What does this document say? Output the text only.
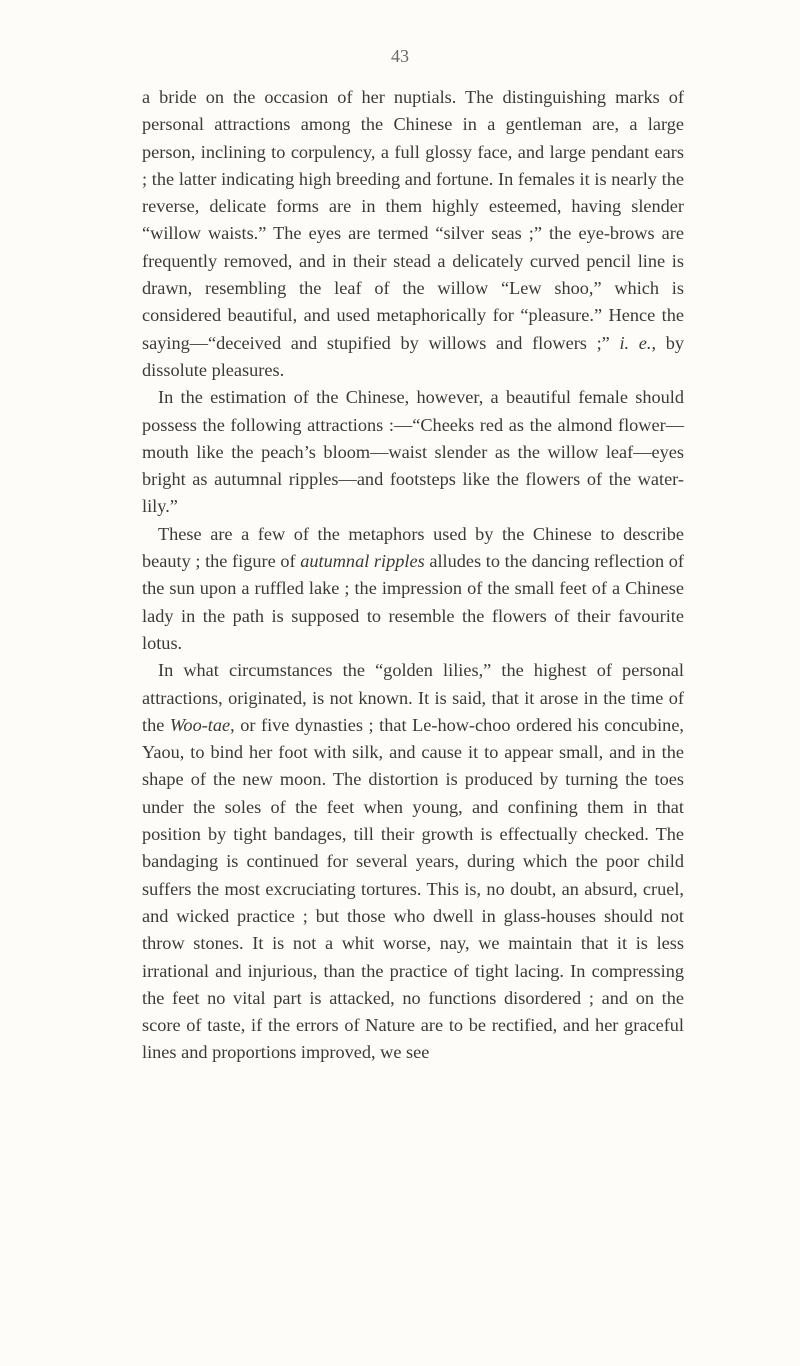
43

a bride on the occasion of her nuptials. The distinguishing marks of personal attractions among the Chinese in a gentleman are, a large person, inclining to corpulency, a full glossy face, and large pendant ears ; the latter indicating high breeding and fortune. In females it is nearly the reverse, delicate forms are in them highly esteemed, having slender “willow waists.” The eyes are termed “silver seas ;” the eye-brows are frequently removed, and in their stead a delicately curved pencil line is drawn, resembling the leaf of the willow “Lew shoo,” which is considered beautiful, and used metaphorically for “pleasure.” Hence the saying—“deceived and stupified by willows and flowers ;” i. e., by dissolute pleasures.

In the estimation of the Chinese, however, a beautiful female should possess the following attractions :—“Cheeks red as the almond flower—mouth like the peach’s bloom—waist slender as the willow leaf—eyes bright as autumnal ripples—and footsteps like the flowers of the water-lily.”

These are a few of the metaphors used by the Chinese to describe beauty ; the figure of autumnal ripples alludes to the dancing reflection of the sun upon a ruffled lake ; the impression of the small feet of a Chinese lady in the path is supposed to resemble the flowers of their favourite lotus.

In what circumstances the “golden lilies,” the highest of personal attractions, originated, is not known. It is said, that it arose in the time of the Woo-tae, or five dynasties ; that Le-how-choo ordered his concubine, Yaou, to bind her foot with silk, and cause it to appear small, and in the shape of the new moon. The distortion is produced by turning the toes under the soles of the feet when young, and confining them in that position by tight bandages, till their growth is effectually checked. The bandaging is continued for several years, during which the poor child suffers the most excruciating tortures. This is, no doubt, an absurd, cruel, and wicked practice ; but those who dwell in glass-houses should not throw stones. It is not a whit worse, nay, we maintain that it is less irrational and injurious, than the practice of tight lacing. In compressing the feet no vital part is attacked, no functions disordered ; and on the score of taste, if the errors of Nature are to be rectified, and her graceful lines and proportions improved, we see
